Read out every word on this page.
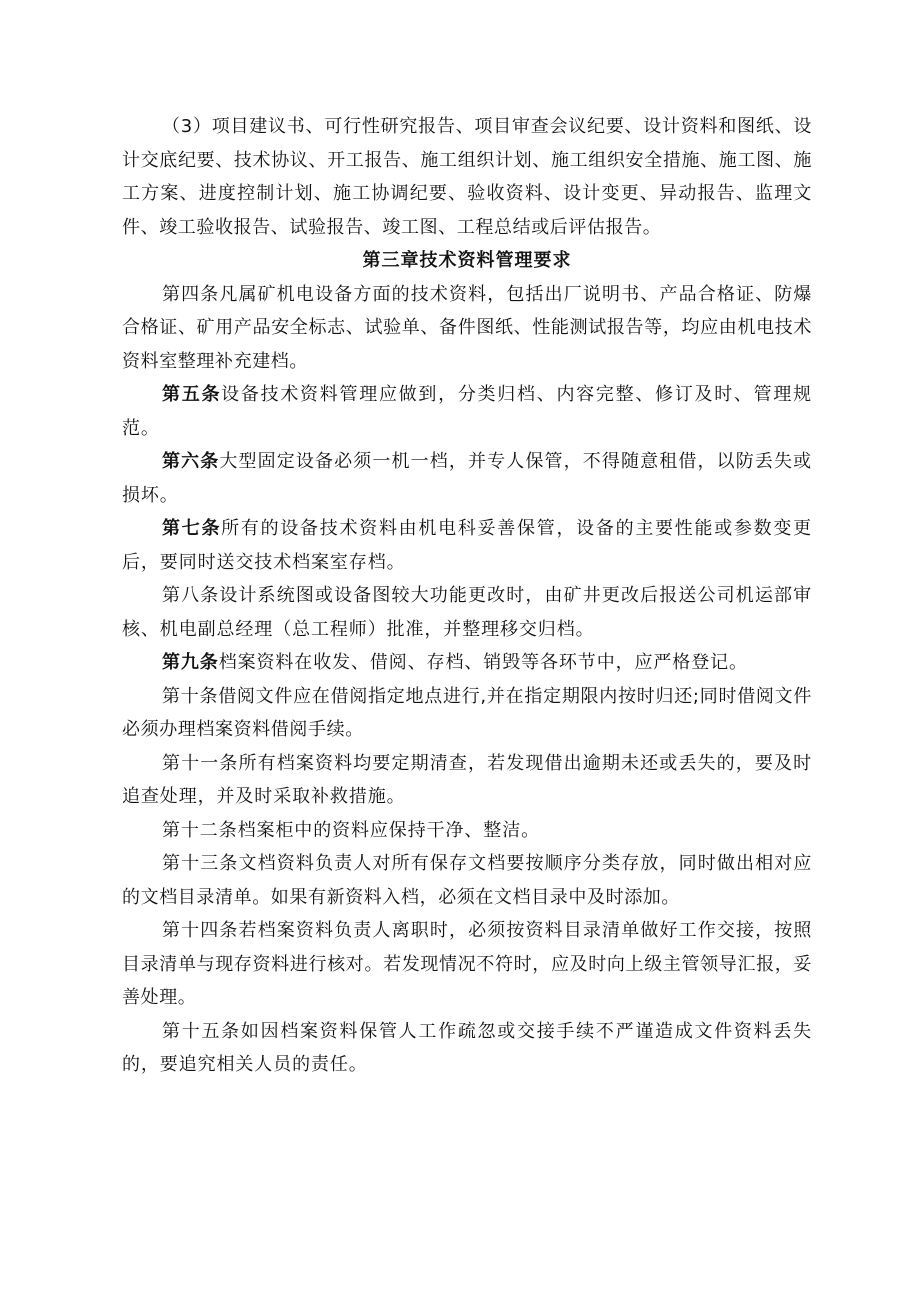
（3）项目建议书、可行性研究报告、项目审查会议纪要、设计资料和图纸、设计交底纪要、技术协议、开工报告、施工组织计划、施工组织安全措施、施工图、施工方案、进度控制计划、施工协调纪要、验收资料、设计变更、异动报告、监理文件、竣工验收报告、试验报告、竣工图、工程总结或后评估报告。

第三章技术资料管理要求

第四条凡属矿机电设备方面的技术资料，包括出厂说明书、产品合格证、防爆合格证、矿用产品安全标志、试验单、备件图纸、性能测试报告等，均应由机电技术资料室整理补充建档。

第五条设备技术资料管理应做到，分类归档、内容完整、修订及时、管理规范。

第六条大型固定设备必须一机一档，并专人保管，不得随意租借，以防丢失或损坏。

第七条所有的设备技术资料由机电科妥善保管，设备的主要性能或参数变更后，要同时送交技术档案室存档。

第八条设计系统图或设备图较大功能更改时，由矿井更改后报送公司机运部审核、机电副总经理（总工程师）批准，并整理移交归档。

第九条档案资料在收发、借阅、存档、销毁等各环节中，应严格登记。

第十条借阅文件应在借阅指定地点进行,并在指定期限内按时归还;同时借阅文件必须办理档案资料借阅手续。

第十一条所有档案资料均要定期清查，若发现借出逾期未还或丢失的，要及时追查处理，并及时采取补救措施。

第十二条档案柜中的资料应保持干净、整洁。

第十三条文档资料负责人对所有保存文档要按顺序分类存放，同时做出相对应的文档目录清单。如果有新资料入档，必须在文档目录中及时添加。

第十四条若档案资料负责人离职时，必须按资料目录清单做好工作交接，按照目录清单与现存资料进行核对。若发现情况不符时，应及时向上级主管领导汇报，妥善处理。

第十五条如因档案资料保管人工作疏忽或交接手续不严谨造成文件资料丢失的，要追究相关人员的责任。
